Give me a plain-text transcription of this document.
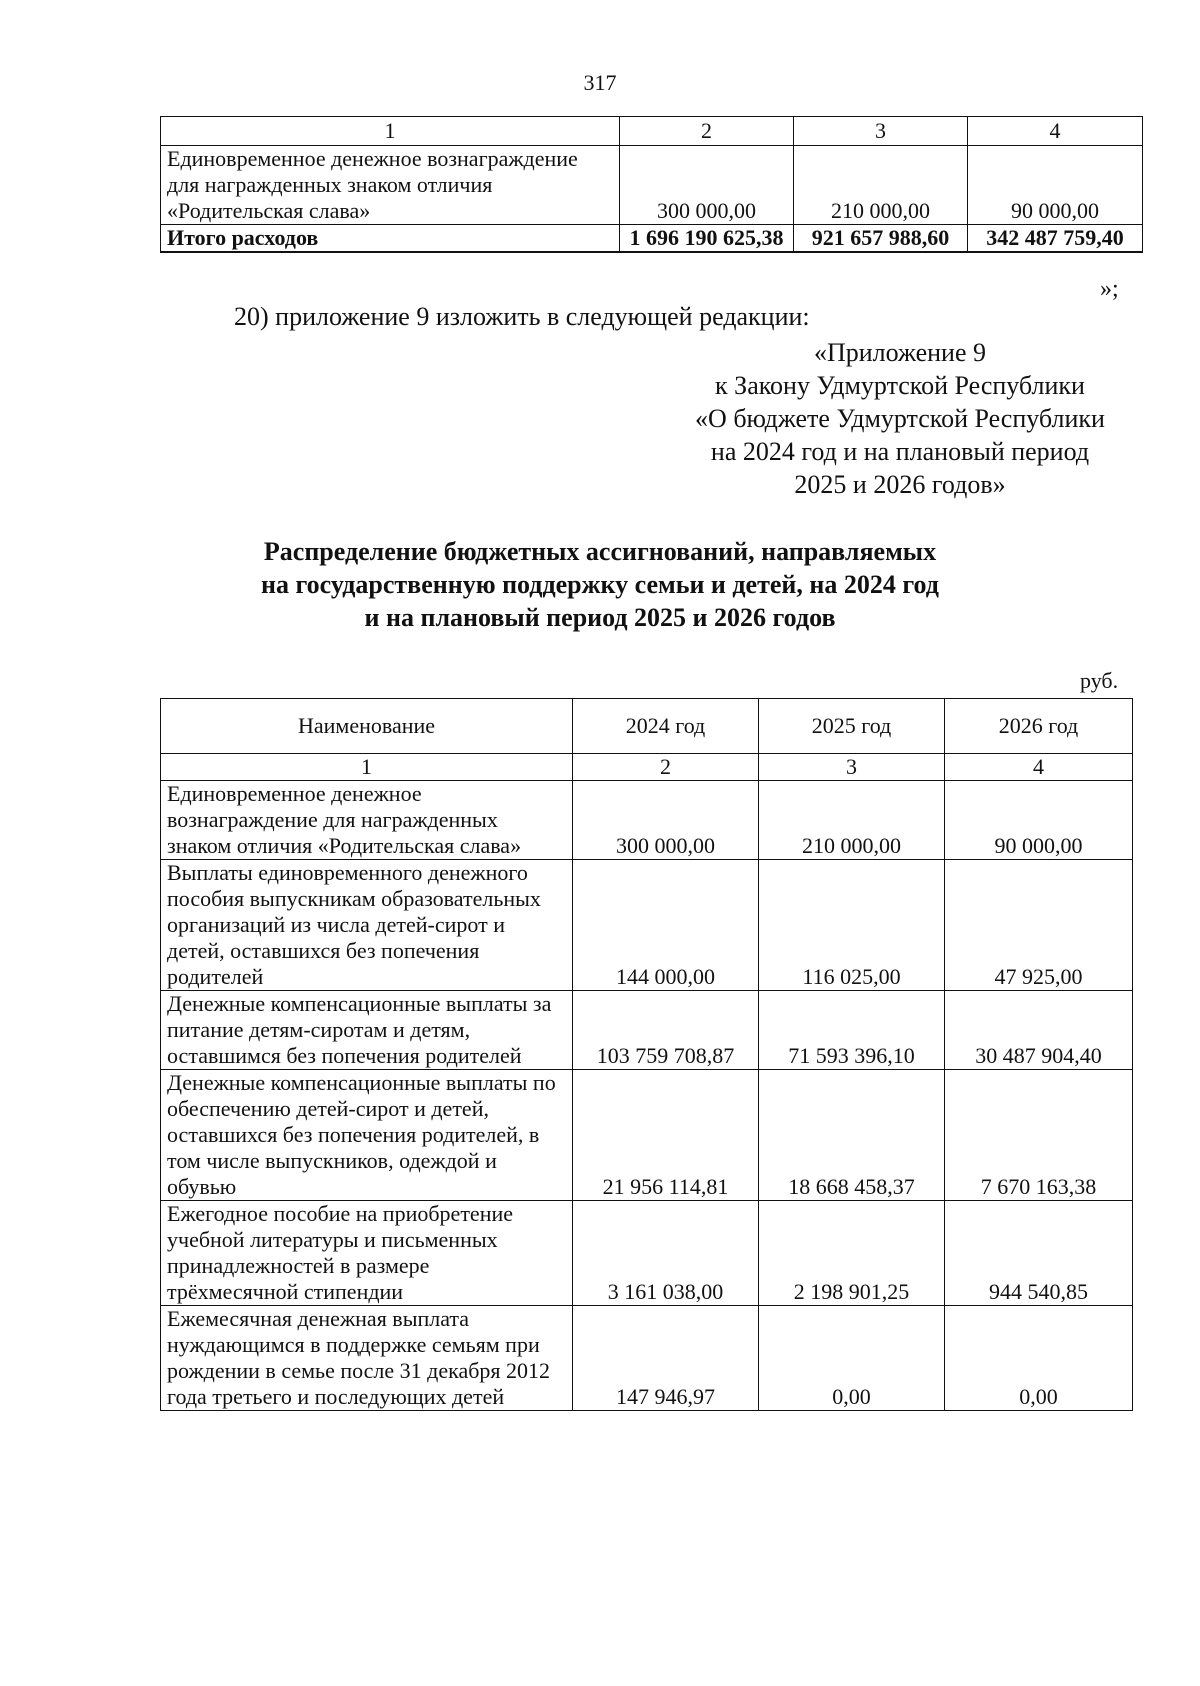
317
1	2	3	4
Единовременное денежное вознаграждение для награжденных знаком отличия «Родительская слава»	300 000,00	210 000,00	90 000,00
Итого расходов	1 696 190 625,38	921 657 988,60	342 487 759,40
»;
20) приложение 9 изложить в следующей редакции:
«Приложение 9
к Закону Удмуртской Республики
«О бюджете Удмуртской Республики
на 2024 год и на плановый период
2025 и 2026 годов»
Распределение бюджетных ассигнований, направляемых
на государственную поддержку семьи и детей, на 2024 год
и на плановый период 2025 и 2026 годов
руб.
Наименование	2024 год	2025 год	2026 год
1	2	3	4
Единовременное денежное вознаграждение для награжденных знаком отличия «Родительская слава»	300 000,00	210 000,00	90 000,00
Выплаты единовременного денежного пособия выпускникам образовательных организаций из числа детей-сирот и детей, оставшихся без попечения родителей	144 000,00	116 025,00	47 925,00
Денежные компенсационные выплаты за питание детям-сиротам и детям, оставшимся без попечения родителей	103 759 708,87	71 593 396,10	30 487 904,40
Денежные компенсационные выплаты по обеспечению детей-сирот и детей, оставшихся без попечения родителей, в том числе выпускников, одеждой и обувью	21 956 114,81	18 668 458,37	7 670 163,38
Ежегодное пособие на приобретение учебной литературы и письменных принадлежностей в размере трёхмесячной стипендии	3 161 038,00	2 198 901,25	944 540,85
Ежемесячная денежная выплата нуждающимся в поддержке семьям при рождении в семье после 31 декабря 2012 года третьего и последующих детей	147 946,97	0,00	0,00
